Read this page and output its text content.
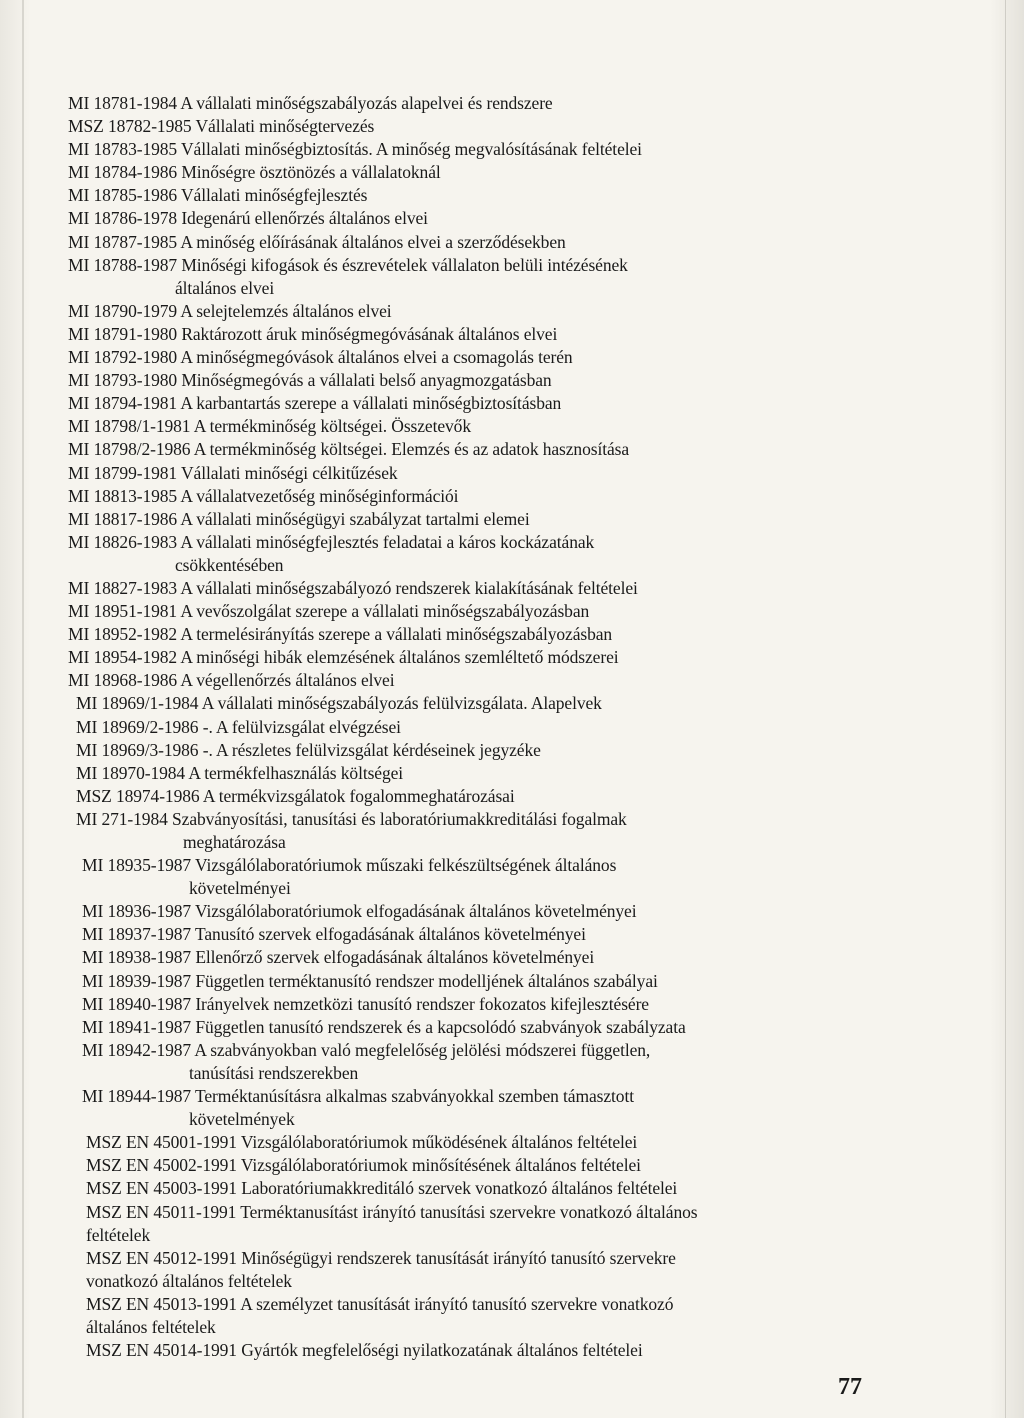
MI 18781-1984 A vállalati minőségszabályozás alapelvei és rendszere

MSZ 18782-1985 Vállalati minőségtervezés

MI 18783-1985 Vállalati minőségbiztosítás. A minőség megvalósításának feltételei

MI 18784-1986 Minőségre ösztönözés a vállalatoknál

MI 18785-1986 Vállalati minőségfejlesztés

MI 18786-1978 Idegenárú ellenőrzés általános elvei

MI 18787-1985 A minőség előírásának általános elvei a szerződésekben

MI 18788-1987 Minőségi kifogások és észrevételek vállalaton belüli intézésének
általános elvei

MI 18790-1979 A selejtelemzés általános elvei

MI 18791-1980 Raktározott áruk minőségmegóvásának általános elvei

MI 18792-1980 A minőségmegóvások általános elvei a csomagolás terén

MI 18793-1980 Minőségmegóvás a vállalati belső anyagmozgatásban

MI 18794-1981 A karbantartás szerepe a vállalati minőségbiztosításban

MI 18798/1-1981 A termékminőség költségei. Összetevők

MI 18798/2-1986 A termékminőség költségei. Elemzés és az adatok hasznosítása

MI 18799-1981 Vállalati minőségi célkitűzések

MI 18813-1985 A vállalatvezetőség minőséginformációi

MI 18817-1986 A vállalati minőségügyi szabályzat tartalmi elemei

MI 18826-1983 A vállalati minőségfejlesztés feladatai a káros kockázatának
csökkentésében

MI 18827-1983 A vállalati minőségszabályozó rendszerek kialakításának feltételei

MI 18951-1981 A vevőszolgálat szerepe a vállalati minőségszabályozásban

MI 18952-1982 A termelésirányítás szerepe a vállalati minőségszabályozásban

MI 18954-1982 A minőségi hibák elemzésének általános szemléltető módszerei

MI 18968-1986 A végellenőrzés általános elvei

MI 18969/1-1984 A vállalati minőségszabályozás felülvizsgálata. Alapelvek

MI 18969/2-1986 -. A felülvizsgálat elvégzései

MI 18969/3-1986 -. A részletes felülvizsgálat kérdéseinek jegyzéke

MI 18970-1984 A termékfelhasználás költségei

MSZ 18974-1986 A termékvizsgálatok fogalommeghatározásai

MI 271-1984 Szabványosítási, tanusítási és laboratóriumakkreditálási fogalmak
meghatározása

MI 18935-1987 Vizsgálólaboratóriumok műszaki felkészültségének általános
követelményei

MI 18936-1987 Vizsgálólaboratóriumok elfogadásának általános követelményei

MI 18937-1987 Tanusító szervek elfogadásának általános követelményei

MI 18938-1987 Ellenőrző szervek elfogadásának általános követelményei

MI 18939-1987 Független terméktanusító rendszer modelljének általános szabályai

MI 18940-1987 Irányelvek nemzetközi tanusító rendszer fokozatos kifejlesztésére

MI 18941-1987 Független tanusító rendszerek és a kapcsolódó szabványok szabályzata

MI 18942-1987 A szabványokban való megfelelőség jelölési módszerei független,
tanúsítási rendszerekben

MI 18944-1987 Terméktanúsításra alkalmas szabványokkal szemben támasztott
követelmények

MSZ EN 45001-1991 Vizsgálólaboratóriumok működésének általános feltételei

MSZ EN 45002-1991 Vizsgálólaboratóriumok minősítésének általános feltételei

MSZ EN 45003-1991 Laboratóriumakkreditáló szervek vonatkozó általános feltételei

MSZ EN 45011-1991 Terméktanusítást irányító tanusítási szervekre vonatkozó általános
feltételek

MSZ EN 45012-1991 Minőségügyi rendszerek tanusítását irányító tanusító szervekre
vonatkozó általános feltételek

MSZ EN 45013-1991 A személyzet tanusítását irányító tanusító szervekre vonatkozó
általános feltételek

MSZ EN 45014-1991 Gyártók megfelelőségi nyilatkozatának általános feltételei

77
